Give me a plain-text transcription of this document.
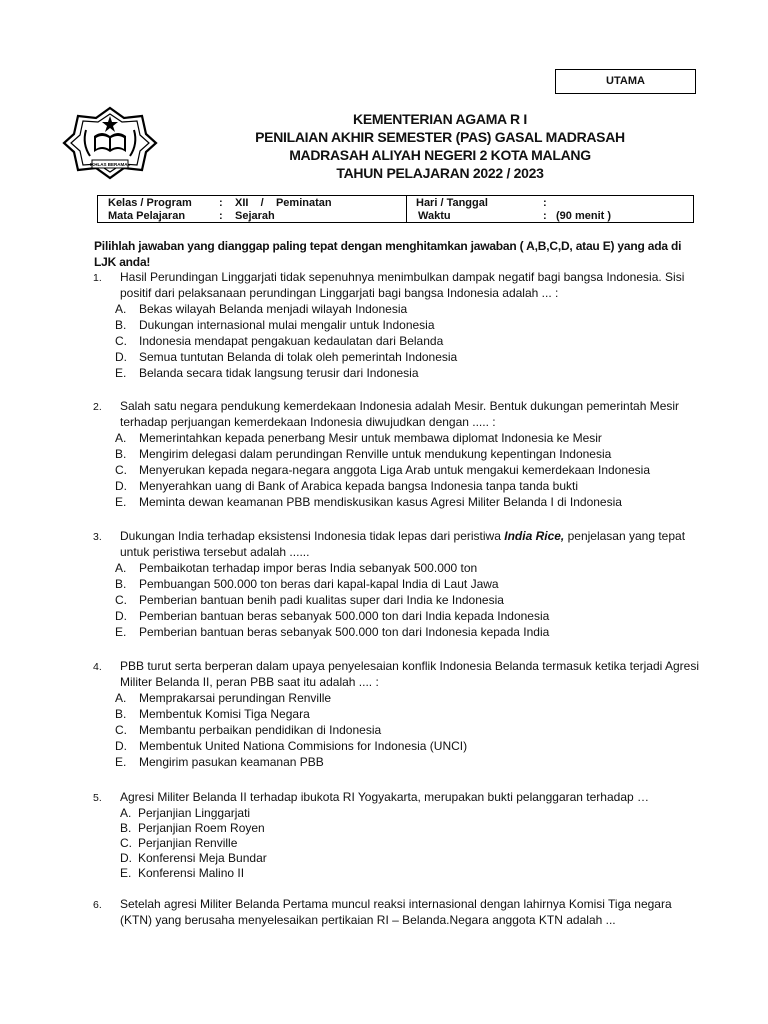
UTAMA
IKHLAS BERAMAL
KEMENTERIAN AGAMA R I
PENILAIAN AKHIR SEMESTER (PAS) GASAL MADRASAH
MADRASAH ALIYAH NEGERI 2 KOTA MALANG
TAHUN PELAJARAN 2022 / 2023
Kelas / Program : XII    /    Peminatan
Mata Pelajaran	: Sejarah
Hari / Tanggal	:
Waktu	: (90 menit )
Pilihlah jawaban yang dianggap paling tepat dengan menghitamkan jawaban ( A,B,C,D, atau E) yang ada di LJK anda!
1. Hasil Perundingan Linggarjati tidak sepenuhnya menimbulkan dampak negatif bagi bangsa Indonesia. Sisi positif dari pelaksanaan perundingan Linggarjati bagi bangsa Indonesia adalah ... :
A. Bekas wilayah Belanda menjadi wilayah Indonesia
B. Dukungan internasional mulai mengalir untuk Indonesia
C. Indonesia mendapat pengakuan kedaulatan dari Belanda
D. Semua tuntutan Belanda di tolak oleh pemerintah Indonesia
E. Belanda secara tidak langsung terusir dari Indonesia
2. Salah satu negara pendukung kemerdekaan Indonesia adalah Mesir. Bentuk dukungan pemerintah Mesir terhadap perjuangan kemerdekaan Indonesia diwujudkan dengan ..... :
A. Memerintahkan kepada penerbang Mesir untuk membawa diplomat Indonesia ke Mesir
B. Mengirim delegasi dalam perundingan Renville untuk mendukung kepentingan Indonesia
C. Menyerukan kepada negara-negara anggota Liga Arab untuk mengakui kemerdekaan Indonesia
D. Menyerahkan uang di Bank of Arabica kepada bangsa Indonesia tanpa tanda bukti
E. Meminta dewan keamanan PBB mendiskusikan kasus Agresi Militer Belanda I di Indonesia
3. Dukungan India terhadap eksistensi Indonesia tidak lepas dari peristiwa India Rice, penjelasan yang tepat untuk peristiwa tersebut adalah ......
A. Pembaikotan terhadap impor beras India sebanyak 500.000 ton
B. Pembuangan 500.000 ton beras dari kapal-kapal India di Laut Jawa
C. Pemberian bantuan benih padi kualitas super dari India ke Indonesia
D. Pemberian bantuan beras sebanyak 500.000 ton dari India kepada Indonesia
E. Pemberian bantuan beras sebanyak 500.000 ton dari Indonesia kepada India
4. PBB turut serta berperan dalam upaya penyelesaian konflik Indonesia Belanda termasuk ketika terjadi Agresi Militer Belanda II, peran PBB saat itu adalah .... :
A. Memprakarsai perundingan Renville
B. Membentuk Komisi Tiga Negara
C. Membantu perbaikan pendidikan di Indonesia
D. Membentuk United Nationa Commisions for Indonesia (UNCI)
E. Mengirim pasukan keamanan PBB
5. Agresi Militer Belanda II terhadap ibukota RI Yogyakarta, merupakan bukti pelanggaran terhadap …
A. Perjanjian Linggarjati
B. Perjanjian Roem Royen
C. Perjanjian Renville
D. Konferensi Meja Bundar
E. Konferensi Malino II
6. Setelah agresi Militer Belanda Pertama muncul reaksi internasional dengan lahirnya Komisi Tiga negara (KTN) yang berusaha menyelesaikan pertikaian RI – Belanda.Negara anggota KTN adalah ...
